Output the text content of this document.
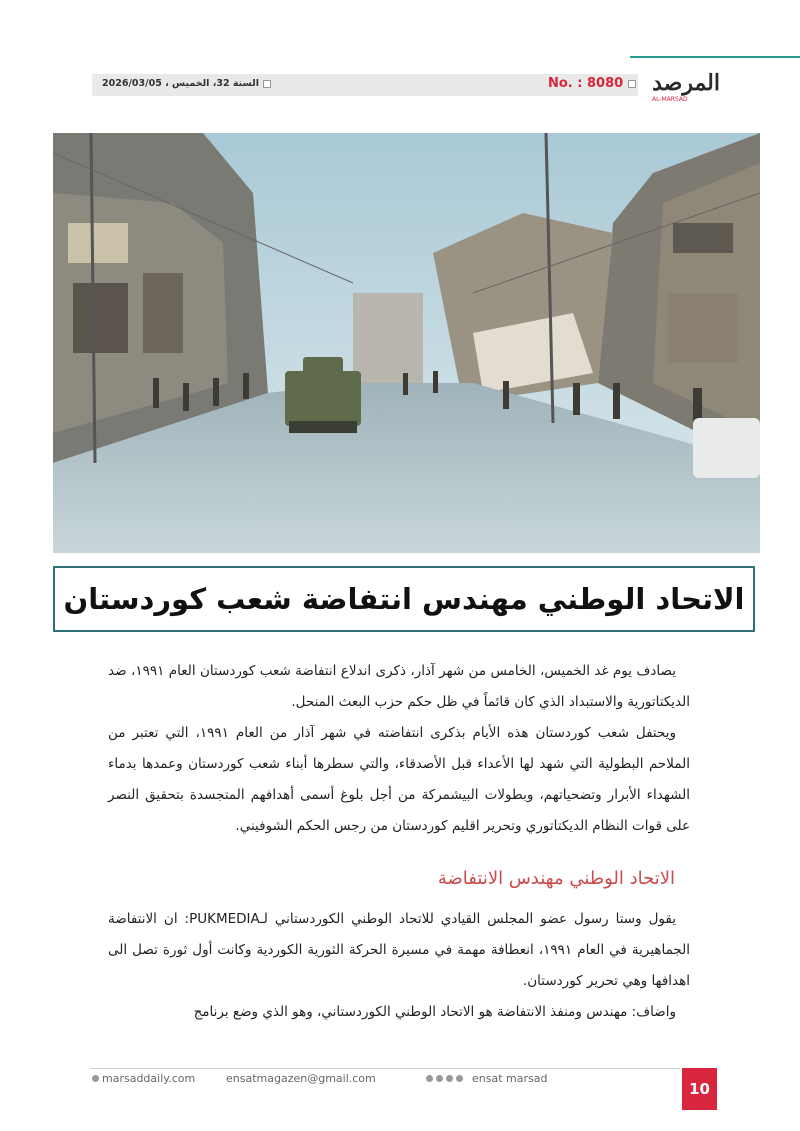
السنة 32، الخميس ، 2026/03/05	No. : 8080 المرصد
AL-MARSAD
الاتحاد الوطني مهندس انتفاضة شعب كوردستان

يصادف يوم غد الخميس، الخامس من شهر آذار، ذكرى اندلاع انتفاضة شعب كوردستان العام ١٩٩١، ضد الديكتاتورية والاستبداد الذي كان قائماً في ظل حكم حزب البعث المنحل.

ويحتفل شعب كوردستان هذه الأيام بذكرى انتفاضته في شهر آذار من العام ١٩٩١، التي تعتبر من الملاحم البطولية التي شهد لها الأعداء قبل الأصدقاء، والتي سطرها أبناء شعب كوردستان وعمدها بدماء الشهداء الأبرار وتضحياتهم، وبطولات البيشمركة من أجل بلوغ أسمى أهدافهم المتجسدة بتحقيق النصر على قوات النظام الديكتاتوري وتحرير اقليم كوردستان من رجس الحكم الشوفيني.

الاتحاد الوطني مهندس الانتفاضة

يقول وستا رسول عضو المجلس القيادي للاتحاد الوطني الكوردستاني لـPUKMEDIA: ان الانتفاضة الجماهيرية في العام ١٩٩١، انعطافة مهمة في مسيرة الحركة الثورية الكوردية وكانت أول ثورة تصل الى اهدافها وهي تحرير كوردستان.

واضاف: مهندس ومنفذ الانتفاضة هو الاتحاد الوطني الكوردستاني، وهو الذي وضع برنامج

marsaddaily.com	ensatmagazen@gmail.com	ensat marsad
10
